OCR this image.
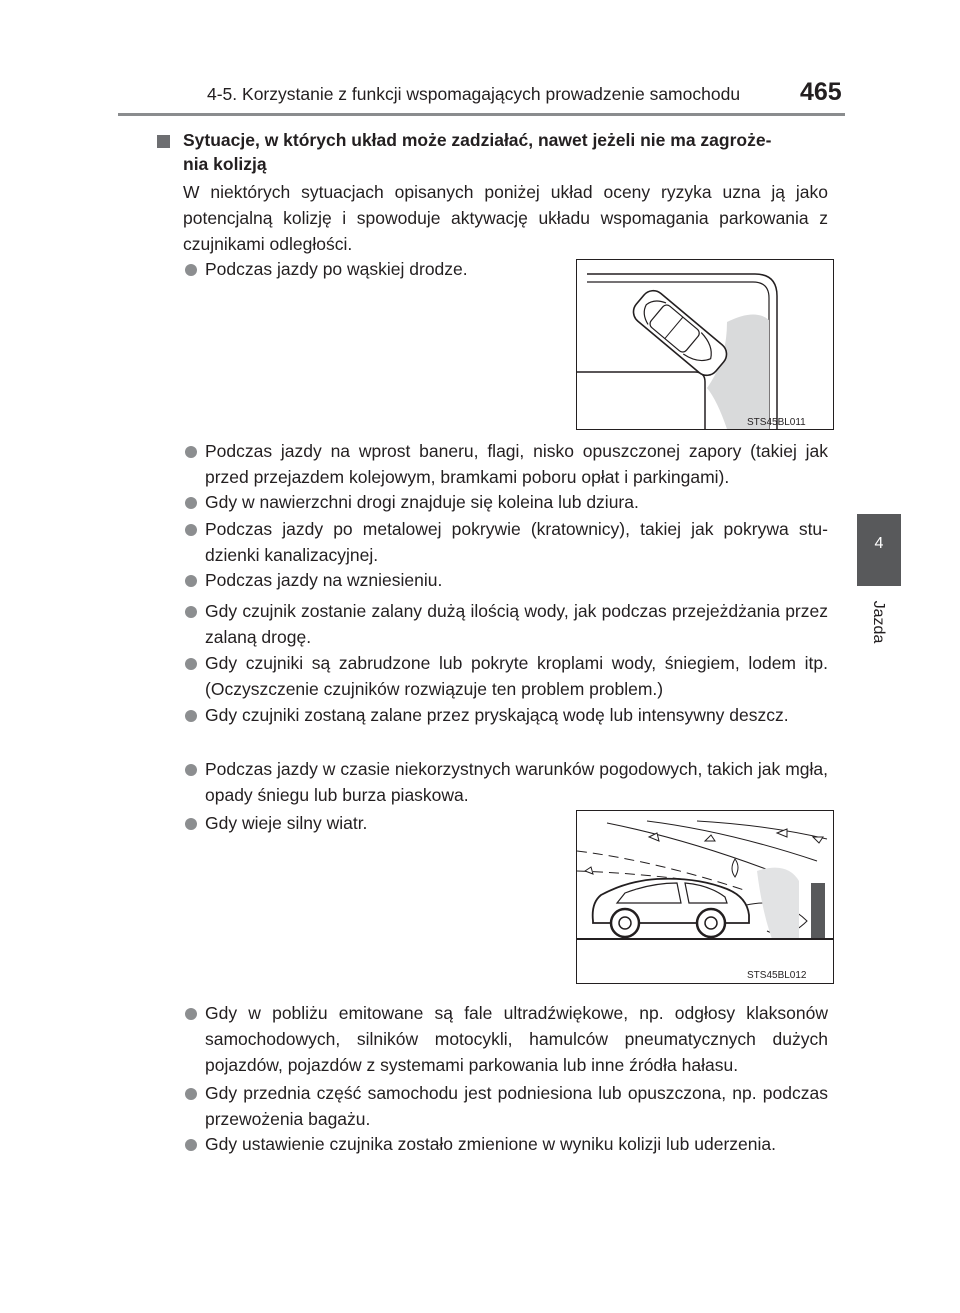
4-5. Korzystanie z funkcji wspomagających prowadzenie samochodu 465
4
Jazda
Sytuacje, w których układ może zadziałać, nawet jeżeli nie ma zagroże-
nia kolizją
W niektórych sytuacjach opisanych poniżej układ oceny ryzyka uzna ją jako potencjalną kolizję i spowoduje aktywację układu wspomagania parkowania z czujnikami odległości.
Podczas jazdy po wąskiej drodze.
STS45BL011
Podczas jazdy na wprost baneru, flagi, nisko opuszczonej zapory (takiej jak przed przejazdem kolejowym, bramkami poboru opłat i parkingami).
Gdy w nawierzchni drogi znajduje się koleina lub dziura.
Podczas jazdy po metalowej pokrywie (kratownicy), takiej jak pokrywa studzienki kanalizacyjnej.
Podczas jazdy na wzniesieniu.
Gdy czujnik zostanie zalany dużą ilością wody, jak podczas przejeżdżania przez zalaną drogę.
Gdy czujniki są zabrudzone lub pokryte kroplami wody, śniegiem, lodem itp. (Oczyszczenie czujników rozwiązuje ten problem problem.)
Gdy czujniki zostaną zalane przez pryskającą wodę lub intensywny deszcz.
Podczas jazdy w czasie niekorzystnych warunków pogodowych, takich jak mgła, opady śniegu lub burza piaskowa.
Gdy wieje silny wiatr.
STS45BL012
Gdy w pobliżu emitowane są fale ultradźwiękowe, np. odgłosy klaksonów samochodowych, silników motocykli, hamulców pneumatycznych dużych pojazdów, pojazdów z systemami parkowania lub inne źródła hałasu.
Gdy przednia część samochodu jest podniesiona lub opuszczona, np. podczas przewożenia bagażu.
Gdy ustawienie czujnika zostało zmienione w wyniku kolizji lub uderzenia.
